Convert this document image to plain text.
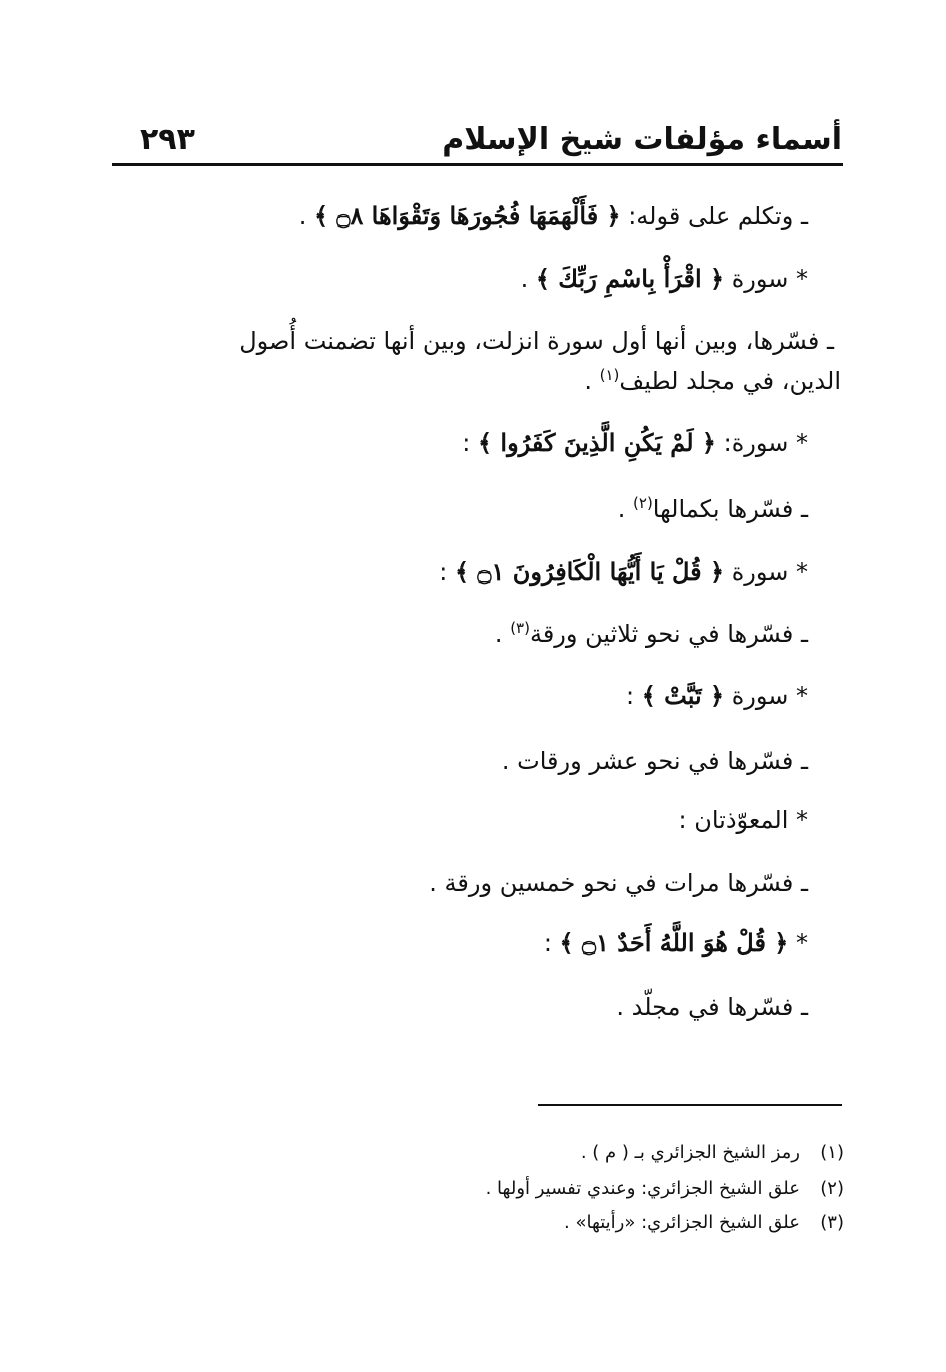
أسماء مؤلفات شيخ الإسلام
٢٩٣
ـ وتكلم على قوله: ﴿ فَأَلْهَمَهَا فُجُورَهَا وَتَقْوَاهَا ۝٨ ﴾ .
* سورة ﴿ اقْرَأْ بِاسْمِ رَبِّكَ ﴾ .
ـ فسّرها، وبين أنها أول سورة انزلت، وبين أنها تضمنت أُصول
الدين، في مجلد لطيف$^{(١)}$ .
* سورة: ﴿ لَمْ يَكُنِ الَّذِينَ كَفَرُوا ﴾ :
ـ فسّرها بكمالها$^{(٢)}$ .
* سورة ﴿ قُلْ يَا أَيُّهَا الْكَافِرُونَ ۝١ ﴾ :
ـ فسّرها في نحو ثلاثين ورقة$^{(٣)}$ .
* سورة ﴿ تَبَّتْ ﴾ :
ـ فسّرها في نحو عشر ورقات .
* المعوّذتان :
ـ فسّرها مرات في نحو خمسين ورقة .
* ﴿ قُلْ هُوَ اللَّهُ أَحَدٌ ۝١ ﴾ :
ـ فسّرها في مجلّد .
(١)رمز الشيخ الجزائري بـ ( م ) .
(٢)علق الشيخ الجزائري: وعندي تفسير أولها .
(٣)علق الشيخ الجزائري: «رأيتها» .
